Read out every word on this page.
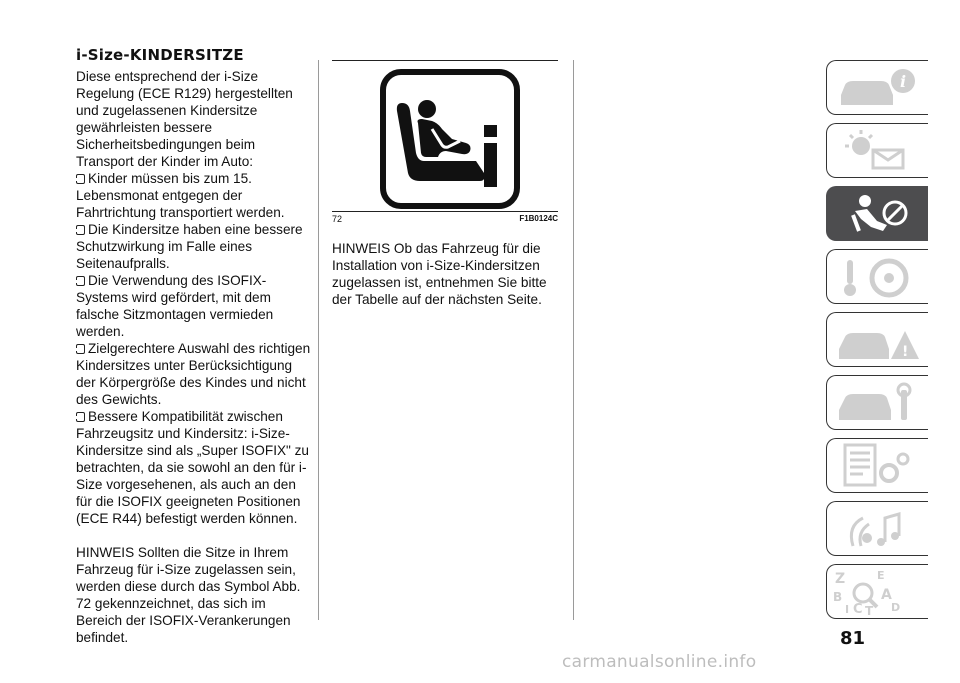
i-Size-KINDERSITZE

Diese entsprechend der i-Size Regelung (ECE R129) hergestellten und zugelassenen Kindersitze gewährleisten bessere Sicherheitsbedingungen beim Transport der Kinder im Auto:

Kinder müssen bis zum 15. Lebensmonat entgegen der Fahrtrichtung transportiert werden.

Die Kindersitze haben eine bessere Schutzwirkung im Falle eines Seitenaufpralls.

Die Verwendung des ISOFIX-Systems wird gefördert, mit dem falsche Sitzmontagen vermieden werden.

Zielgerechtere Auswahl des richtigen Kindersitzes unter Berücksichtigung der Körpergröße des Kindes und nicht des Gewichts.

Bessere Kompatibilität zwischen Fahrzeugsitz und Kindersitz: i-Size-Kindersitze sind als „Super ISOFIX" zu betrachten, da sie sowohl an den für i-Size vorgesehenen, als auch an den für die ISOFIX geeigneten Positionen (ECE R44) befestigt werden können.

HINWEIS Sollten die Sitze in Ihrem Fahrzeug für i-Size zugelassen sein, werden diese durch das Symbol Abb. 72 gekennzeichnet, das sich im Bereich der ISOFIX-Verankerungen befindet.

72	F1B0124C

HINWEIS Ob das Fahrzeug für die Installation von i-Size-Kindersitzen zugelassen ist, entnehmen Sie bitte der Tabelle auf der nächsten Seite.

i
!
Z	E
B	A
I C T D
81
carmanualsonline.info
